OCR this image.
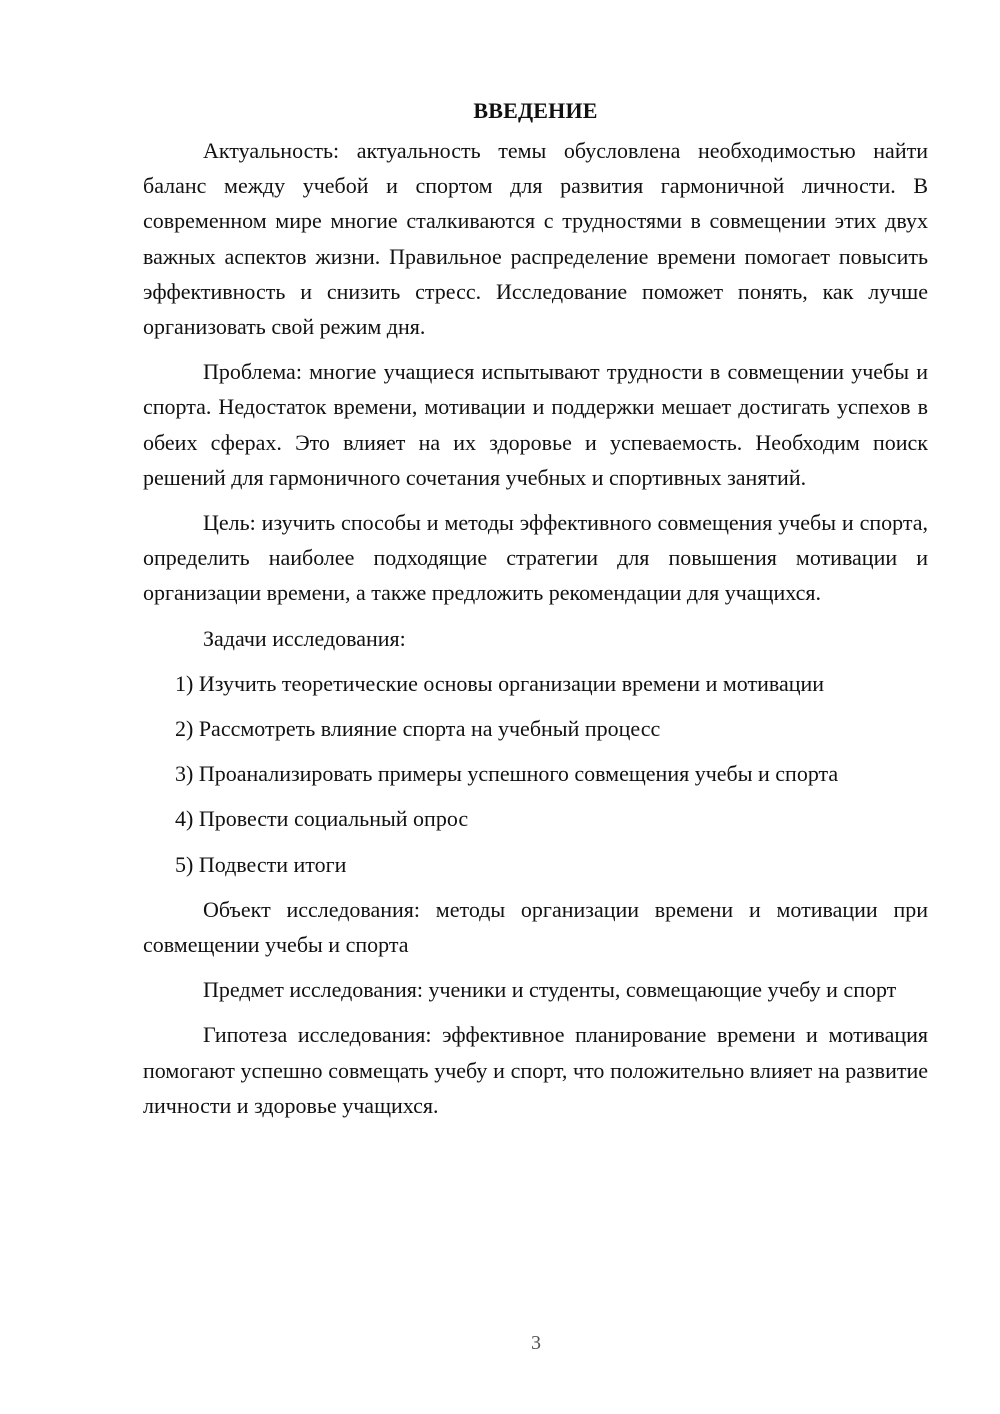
ВВЕДЕНИЕ

Актуальность: актуальность темы обусловлена необходимостью найти баланс между учебой и спортом для развития гармоничной личности. В современном мире многие сталкиваются с трудностями в совмещении этих двух важных аспектов жизни. Правильное распределение времени помогает повысить эффективность и снизить стресс. Исследование поможет понять, как лучше организовать свой режим дня.

Проблема: многие учащиеся испытывают трудности в совмещении учебы и спорта. Недостаток времени, мотивации и поддержки мешает достигать успехов в обеих сферах. Это влияет на их здоровье и успеваемость. Необходим поиск решений для гармоничного сочетания учебных и спортивных занятий.

Цель: изучить способы и методы эффективного совмещения учебы и спорта, определить наиболее подходящие стратегии для повышения мотивации и организации времени, а также предложить рекомендации для учащихся.

Задачи исследования:

1) Изучить теоретические основы организации времени и мотивации
2) Рассмотреть влияние спорта на учебный процесс
3) Проанализировать примеры успешного совмещения учебы и спорта
4) Провести социальный опрос
5) Подвести итоги

Объект исследования: методы организации времени и мотивации при совмещении учебы и спорта

Предмет исследования: ученики и студенты, совмещающие учебу и спорт

Гипотеза исследования: эффективное планирование времени и мотивация помогают успешно совмещать учебу и спорт, что положительно влияет на развитие личности и здоровье учащихся.

3
